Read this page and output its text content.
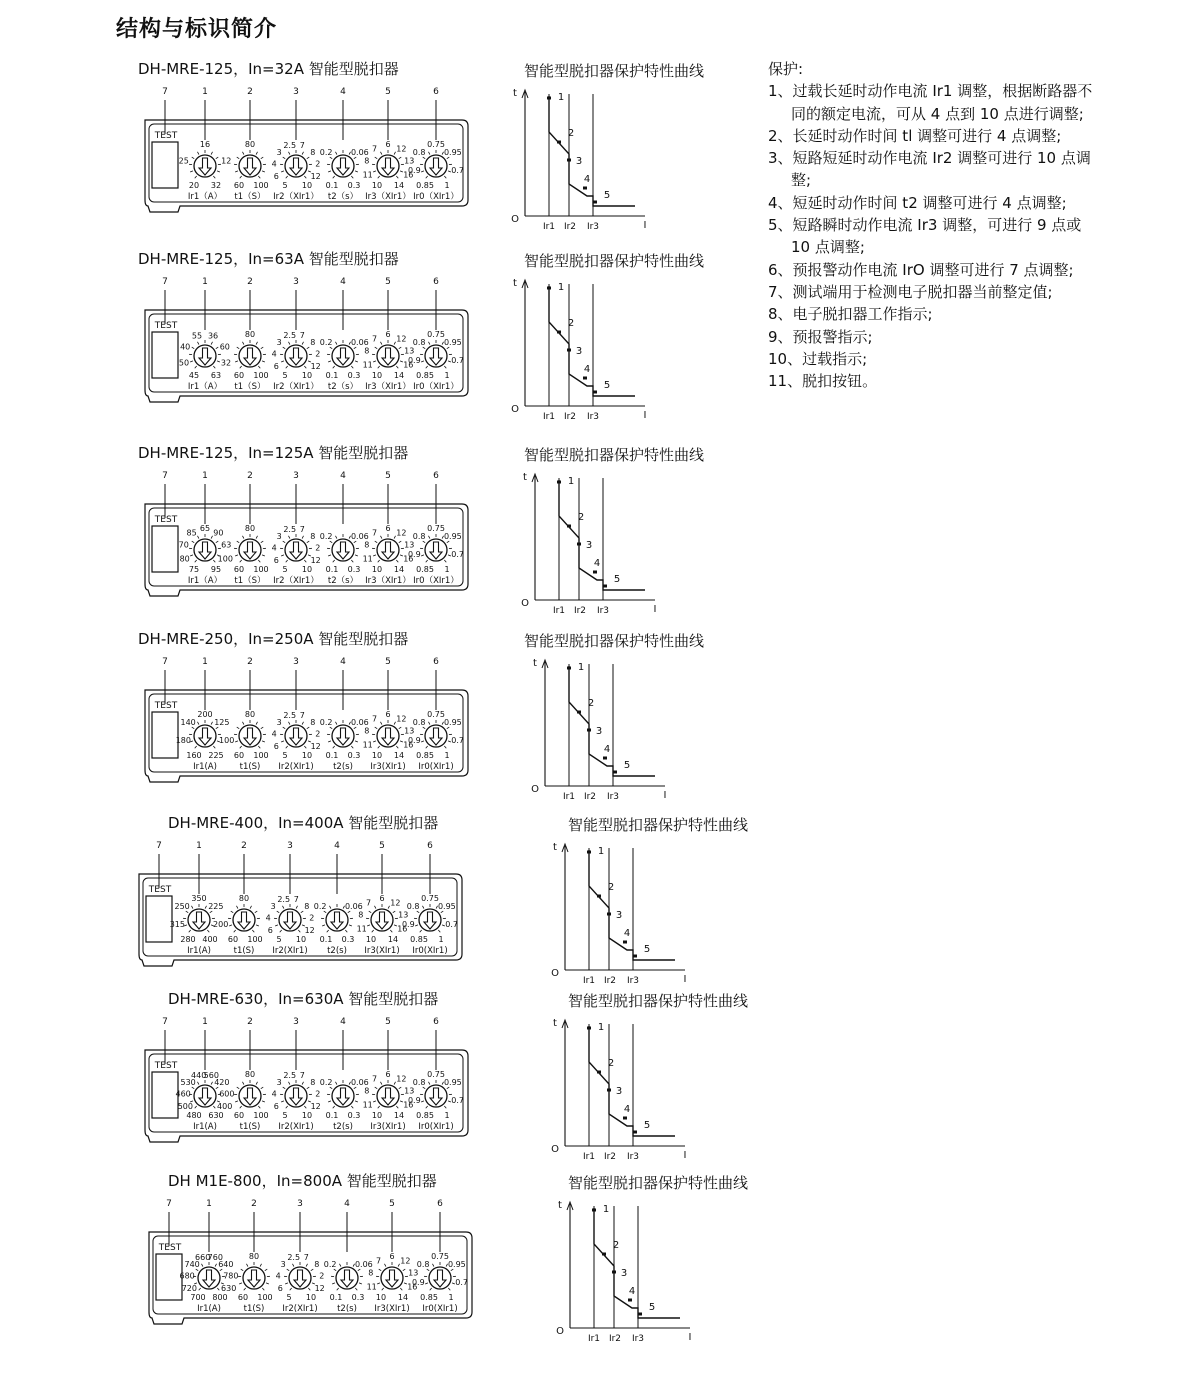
结构与标识简介
保护:
1、过载长延时动作电流 Ir1 调整，根据断路器不同的额定电流，可从 4 点到 10 点进行调整;
2、长延时动作时间 tl 调整可进行 4 点调整;
3、短路短延时动作电流 Ir2 调整可进行 10 点调整;
4、短延时动作时间 t2 调整可进行 4 点调整;
5、短路瞬时动作电流 Ir3 调整，可进行 9 点或 10 点调整;
6、预报警动作电流 IrO 调整可进行 7 点调整;
7、测试端用于检测电子脱扣器当前整定值;
8、电子脱扣器工作指示;
9、预报警指示;
10、过载指示;
11、脱扣按钮。
DH-MRE-125，In=32A 智能型脱扣器	智能型脱扣器保护特性曲线
7	1	2	3	4	5	6
TEST
20
25
16
12
32
Ir1（A）
60
80
100
t1（S）
5
6
4
3
2.5 7
8
2
12
10
Ir2（XIr1）
0.1
0.2 0.06
0.3
t2（s）
10
11
8
7
6
12
13
16
14
Ir3（XIr1）
0.85
0.9
0.8
0.75
0.95
0.7
1
Ir0（XIr1）
t
O
I
1
2
3
4
5
Ir1 Ir2 Ir3
DH-MRE-125，In=63A 智能型脱扣器	智能型脱扣器保护特性曲线
7	1	2	3	4	5	6
TEST
45
50
40
55 36
60
32
63
Ir1（A）
60
80
100
t1（S）
5
6
4
3
2.5 7
8
2
12
10
Ir2（XIr1）
0.1
0.2 0.06
0.3
t2（s）
10
11
8
7
6
12
13
16
14
Ir3（XIr1）
0.85
0.9
0.8
0.75
0.95
0.7
1
Ir0（XIr1）
t
O
I
1
2
3
4
5
Ir1 Ir2 Ir3
DH-MRE-125，In=125A 智能型脱扣器	智能型脱扣器保护特性曲线
7	1	2	3	4	5	6
TEST
75
80
70
85
65
90
63
100
95
Ir1（A）
60
80
100
t1（S）
5
6
4
3
2.5 7
8
2
12
10
Ir2（XIr1）
0.1
0.2 0.06
0.3
t2（s）
10
11
8
7
6
12
13
16
14
Ir3（XIr1）
0.85
0.9
0.8
0.75
0.95
0.7
1
Ir0（XIr1）
t
O
I
1
2
3
4
5
Ir1 Ir2 Ir3
DH-MRE-250，In=250A 智能型脱扣器	智能型脱扣器保护特性曲线
7	1	2	3	4	5	6
TEST
160
180
140
200
125
100
225
Ir1(A)
60
80
100
t1(S)
5
6
4
3
2.5 7
8
2
12
10
Ir2(XIr1)
0.1
0.2 0.06
0.3
t2(s)
10
11
8
7
6
12
13
16
14
Ir3(XIr1)
0.85
0.9
0.8
0.75
0.95
0.7
1
Ir0(XIr1)
t
O
I
1
2
3
4
5
Ir1 Ir2 Ir3
DH-MRE-400，In=400A 智能型脱扣器	智能型脱扣器保护特性曲线
7	1	2	3	4	5	6
TEST
280
315
250
350
225
200
400
Ir1(A)
60
80
100
t1(S)
5
6
4
3
2.5 7
8
2
12
10
Ir2(XIr1)
0.1
0.2 0.06
0.3
t2(s)
10
11
8
7
6
12
13
16
14
Ir3(XIr1)
0.85
0.9
0.8
0.75
0.95
0.7
1
Ir0(XIr1)
t
O
I
1
2
3
4
5
Ir1 Ir2 Ir3
DH-MRE-630，In=630A 智能型脱扣器	智能型脱扣器保护特性曲线
7	1	2	3	4	5	6
TEST
480
500
460
530
440
560
420
600
400
630
Ir1(A)
60
80
100
t1(S)
5
6
4
3
2.5 7
8
2
12
10
Ir2(XIr1)
0.1
0.2 0.06
0.3
t2(s)
10
11
8
7
6
12
13
16
14
Ir3(XIr1)
0.85
0.9
0.8
0.75
0.95
0.7
1
Ir0(XIr1)
t
O
I
1
2
3
4
5
Ir1 Ir2 Ir3
DH M1E-800，In=800A 智能型脱扣器	智能型脱扣器保护特性曲线
7	1	2	3	4	5	6
TEST
700
720
680
740
660
760
640
780
630
800
Ir1(A)
60
80
100
t1(S)
5
6
4
3
2.5 7
8
2
12
10
Ir2(XIr1)
0.1
0.2 0.06
0.3
t2(s)
10
11
8
7
6
12
13
16
14
Ir3(XIr1)
0.85
0.9
0.8
0.75
0.95
0.7
1
Ir0(XIr1)
t
O
I
1
2
3
4
5
Ir1 Ir2 Ir3
